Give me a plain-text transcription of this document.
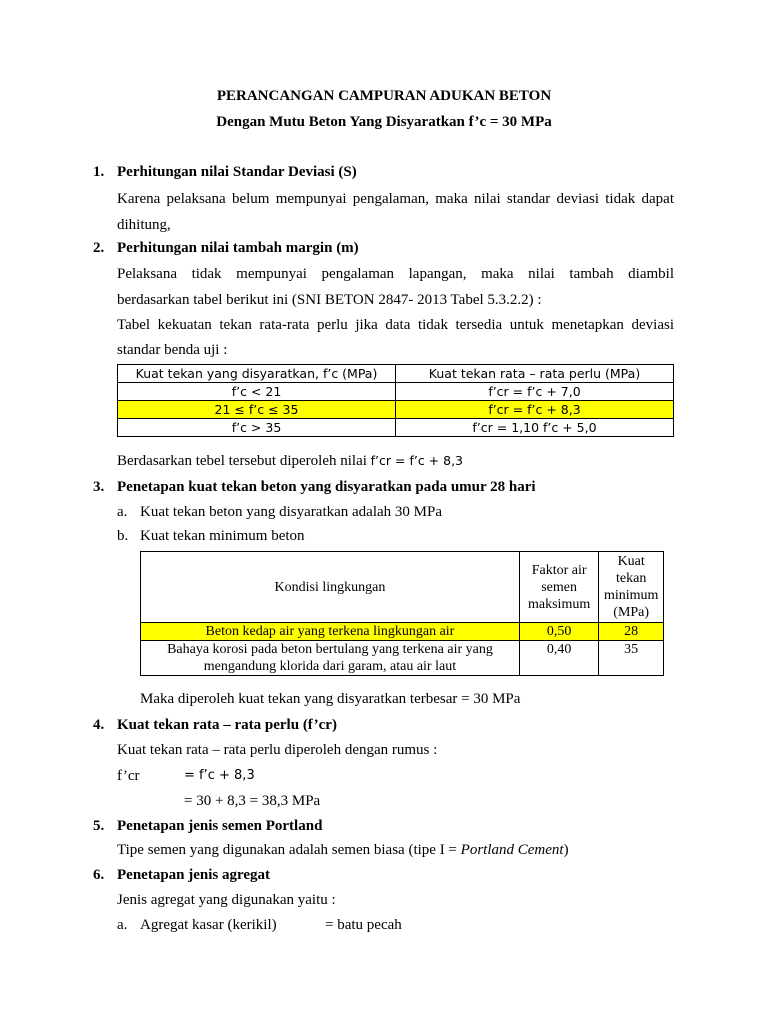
PERANCANGAN CAMPURAN ADUKAN BETON
Dengan Mutu Beton Yang Disyaratkan f’c = 30 MPa
1. Perhitungan nilai Standar Deviasi (S)
Karena pelaksana belum mempunyai pengalaman, maka nilai standar deviasi tidak dapat dihitung,
2. Perhitungan nilai tambah margin (m)
Pelaksana tidak mempunyai pengalaman lapangan, maka nilai tambah diambil
berdasarkan tabel berikut ini (SNI BETON 2847- 2013 Tabel 5.3.2.2) :
Tabel kekuatan tekan rata-rata perlu jika data tidak tersedia untuk menetapkan deviasi
standar benda uji :
Kuat tekan yang disyaratkan, f’c (MPa)	Kuat tekan rata – rata perlu (MPa)
f’c < 21	f’cr = f’c + 7,0
21 ≤ f’c ≤ 35	f’cr = f’c + 8,3
f’c > 35	f’cr = 1,10 f’c + 5,0
Berdasarkan tebel tersebut diperoleh nilai f’cr = f’c + 8,3
3. Penetapan kuat tekan beton yang disyaratkan pada umur 28 hari
a. Kuat tekan beton yang disyaratkan adalah 30 MPa
b. Kuat tekan minimum beton
Kondisi lingkungan	Faktor air semen maksimum	Kuat tekan minimum (MPa)
Beton kedap air yang terkena lingkungan air	0,50	28
Bahaya korosi pada beton bertulang yang terkena air yang mengandung klorida dari garam, atau air laut	0,40	35
Maka diperoleh kuat tekan yang disyaratkan terbesar = 30 MPa
4. Kuat tekan rata – rata perlu (f’cr)
Kuat tekan rata – rata perlu diperoleh dengan rumus :
f’cr	= f’c + 8,3
= 30 + 8,3 = 38,3 MPa
5. Penetapan jenis semen Portland
Tipe semen yang digunakan adalah semen biasa (tipe I = Portland Cement)
6. Penetapan jenis agregat
Jenis agregat yang digunakan yaitu :
a. Agregat kasar (kerikil)	= batu pecah
